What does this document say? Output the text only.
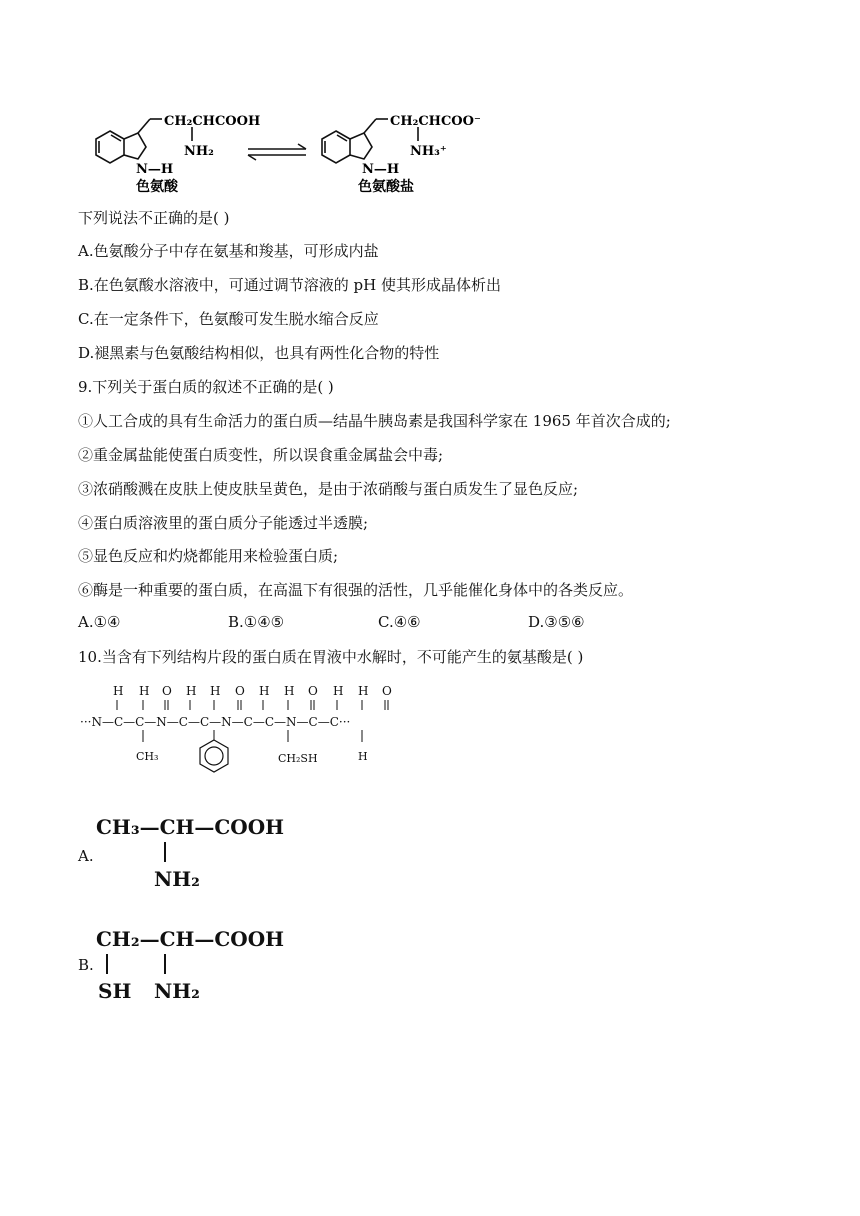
CH₂CHCOOH
NH₂
N—H
色氨酸
CH₂CHCOO⁻
NH₃⁺
N—H
色氨酸盐
下列说法不正确的是( )
A.色氨酸分子中存在氨基和羧基，可形成内盐
B.在色氨酸水溶液中，可通过调节溶液的 pH 使其形成晶体析出
C.在一定条件下，色氨酸可发生脱水缩合反应
D.褪黑素与色氨酸结构相似，也具有两性化合物的特性
9.下列关于蛋白质的叙述不正确的是( )
①人工合成的具有生命活力的蛋白质—结晶牛胰岛素是我国科学家在 1965 年首次合成的;
②重金属盐能使蛋白质变性，所以误食重金属盐会中毒;
③浓硝酸溅在皮肤上使皮肤呈黄色，是由于浓硝酸与蛋白质发生了显色反应;
④蛋白质溶液里的蛋白质分子能透过半透膜;
⑤显色反应和灼烧都能用来检验蛋白质;
⑥酶是一种重要的蛋白质，在高温下有很强的活性，几乎能催化身体中的各类反应。
A.①④	B.①④⑤	C.④⑥	D.③⑤⑥
10.当含有下列结构片段的蛋白质在胃液中水解时，不可能产生的氨基酸是( )
H H O H H O H H O H H O
···N—C—C—N—C—C—N—C—C—N—C—C···
CH₃	CH₂SH	H
A.
CH₃—CH—COOH
NH₂
B.
CH₂—CH—COOH
SH NH₂
